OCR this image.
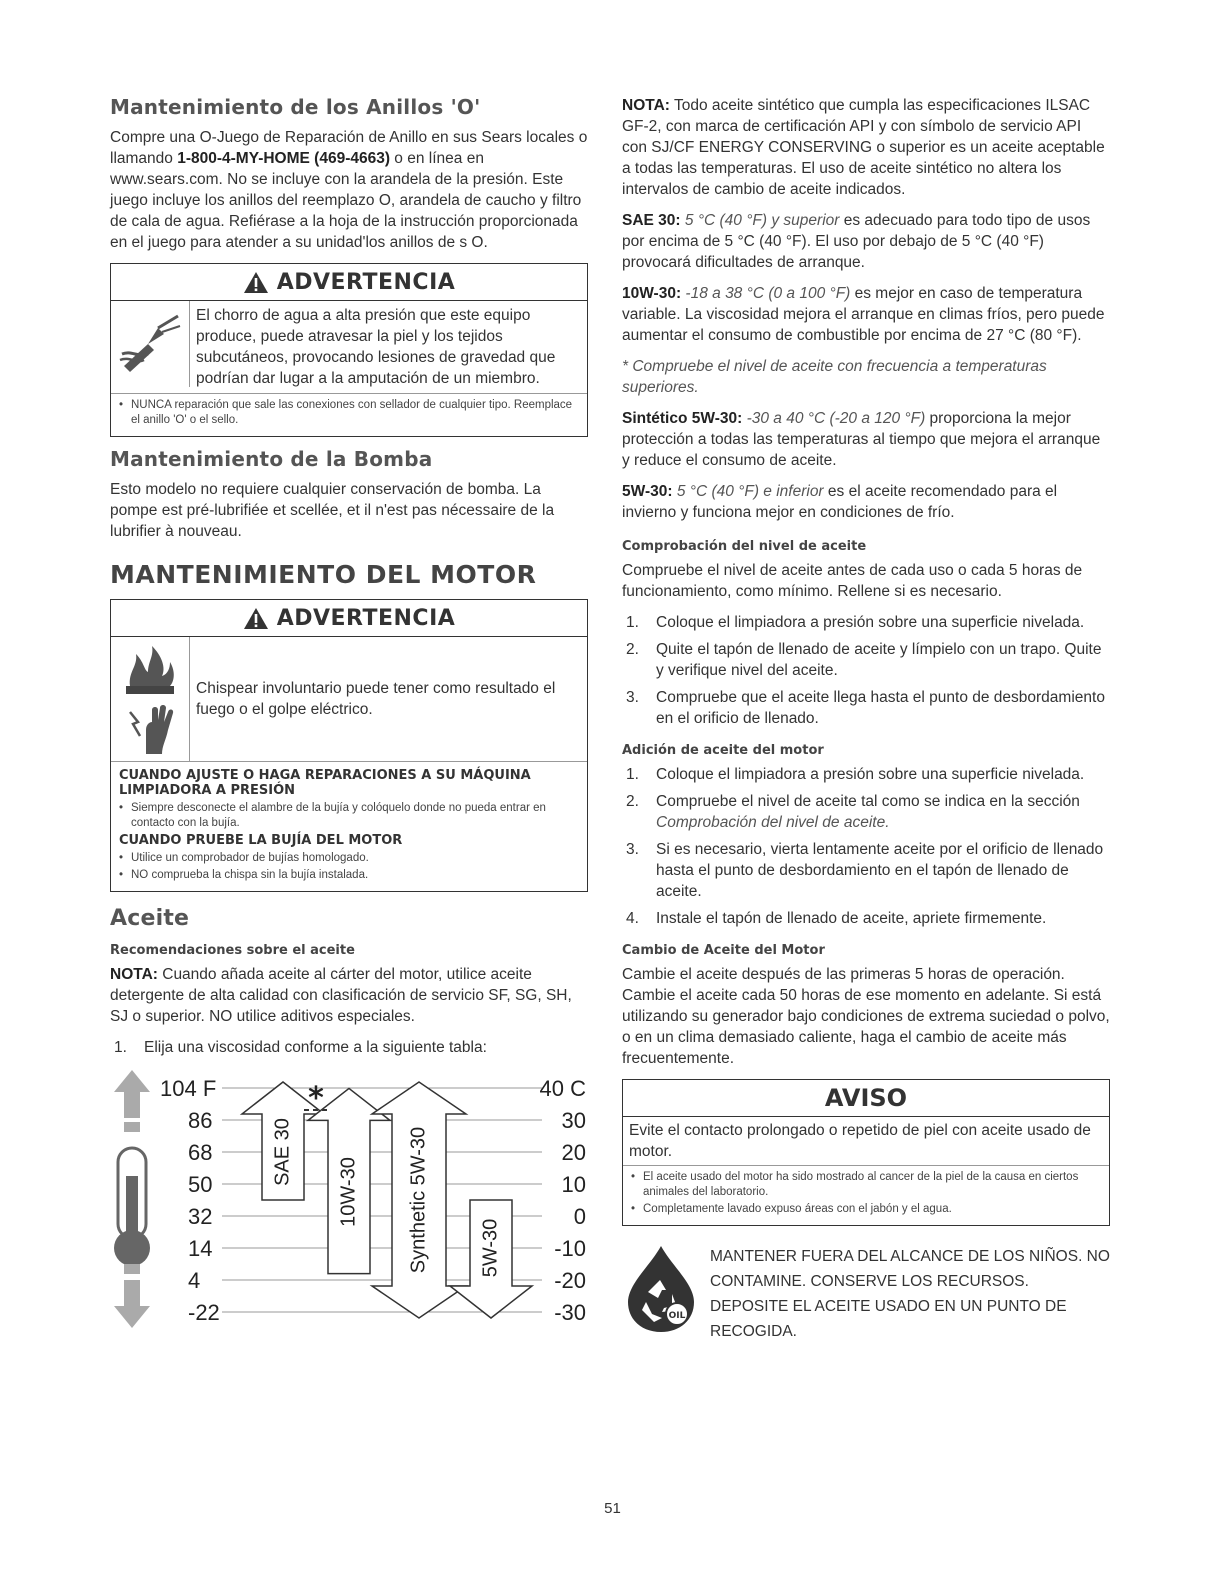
Mantenimiento de los Anillos 'O'

Compre una O-Juego de Reparación de Anillo en sus Sears locales o llamando 1-800-4-MY-HOME (469-4663) o en línea en www.sears.com. No se incluye con la arandela de la presión. Este juego incluye los anillos del reemplazo O, arandela de caucho y filtro de cala de agua. Refiérase a la hoja de la instrucción proporcionada en el juego para atender a su unidad'los anillos de s O.

ADVERTENCIA
El chorro de agua a alta presión que este equipo produce, puede atravesar la piel y los tejidos subcutáneos, provocando lesiones de gravedad que podrían dar lugar a la amputación de un miembro.
• NUNCA reparación que sale las conexiones con sellador de cualquier tipo. Reemplace el anillo 'O' o el sello.
Mantenimiento de la Bomba

Esto modelo no requiere cualquier conservación de bomba. La pompe est pré-lubrifiée et scellée, et il n'est pas nécessaire de la lubrifier à nouveau.

MANTENIMIENTO DEL MOTOR
ADVERTENCIA
Chispear involuntario puede tener como resultado el fuego o el golpe eléctrico.
CUANDO AJUSTE O HAGA REPARACIONES A SU MÁQUINA LIMPIADORA A PRESIÓN
• Siempre desconecte el alambre de la bujía y colóquelo donde no pueda entrar en contacto con la bujía.
CUANDO PRUEBE LA BUJÍA DEL MOTOR
• Utilice un comprobador de bujías homologado.
• NO comprueba la chispa sin la bujía instalada.
Aceite
Recomendaciones sobre el aceite

NOTA: Cuando añada aceite al cárter del motor, utilice aceite detergente de alta calidad con clasificación de servicio SF, SG, SH, SJ o superior. NO utilice aditivos especiales.

1. Elija una viscosidad conforme a la siguiente tabla:
104 F	40 C
86	30
68	20
50	10
32	0
14	-10
4	-20
-22	-30
SAE 30
10W-30 Synthetic 5W-30	5W-30
*

NOTA: Todo aceite sintético que cumpla las especificaciones ILSAC GF-2, con marca de certificación API y con símbolo de servicio API con SJ/CF ENERGY CONSERVING o superior es un aceite aceptable a todas las temperaturas. El uso de aceite sintético no altera los intervalos de cambio de aceite indicados.

SAE 30: 5 °C (40 °F) y superior es adecuado para todo tipo de usos por encima de 5 °C (40 °F). El uso por debajo de 5 °C (40 °F) provocará dificultades de arranque.

10W-30: -18 a 38 °C (0 a 100 °F) es mejor en caso de temperatura variable. La viscosidad mejora el arranque en climas fríos, pero puede aumentar el consumo de combustible por encima de 27 °C (80 °F).

* Compruebe el nivel de aceite con frecuencia a temperaturas superiores.

Sintético 5W-30: -30 a 40 °C (-20 a 120 °F) proporciona la mejor protección a todas las temperaturas al tiempo que mejora el arranque y reduce el consumo de aceite.

5W-30: 5 °C (40 °F) e inferior es el aceite recomendado para el invierno y funciona mejor en condiciones de frío.

Comprobación del nivel de aceite

Compruebe el nivel de aceite antes de cada uso o cada 5 horas de funcionamiento, como mínimo. Rellene si es necesario.

1. Coloque el limpiadora a presión sobre una superficie nivelada.
2. Quite el tapón de llenado de aceite y límpielo con un trapo. Quite y verifique nivel del aceite.
3. Compruebe que el aceite llega hasta el punto de desbordamiento en el orificio de llenado.
Adición de aceite del motor
1. Coloque el limpiadora a presión sobre una superficie nivelada.
2. Compruebe el nivel de aceite tal como se indica en la sección Comprobación del nivel de aceite.
3. Si es necesario, vierta lentamente aceite por el orificio de llenado hasta el punto de desbordamiento en el tapón de llenado de aceite.
4. Instale el tapón de llenado de aceite, apriete firmemente.
Cambio de Aceite del Motor

Cambie el aceite después de las primeras 5 horas de operación. Cambie el aceite cada 50 horas de ese momento en adelante. Si está utilizando su generador bajo condiciones de extrema suciedad o polvo, o en un clima demasiado caliente, haga el cambio de aceite más frecuentemente.

AVISO
Evite el contacto prolongado o repetido de piel con aceite usado de motor.
• El aceite usado del motor ha sido mostrado al cancer de la piel de la causa en ciertos animales del laboratorio.
• Completamente lavado expuso áreas con el jabón y el agua.
OIL
MANTENER FUERA DEL ALCANCE DE LOS NIÑOS. NO CONTAMINE. CONSERVE LOS RECURSOS. DEPOSITE EL ACEITE USADO EN UN PUNTO DE RECOGIDA.
51
